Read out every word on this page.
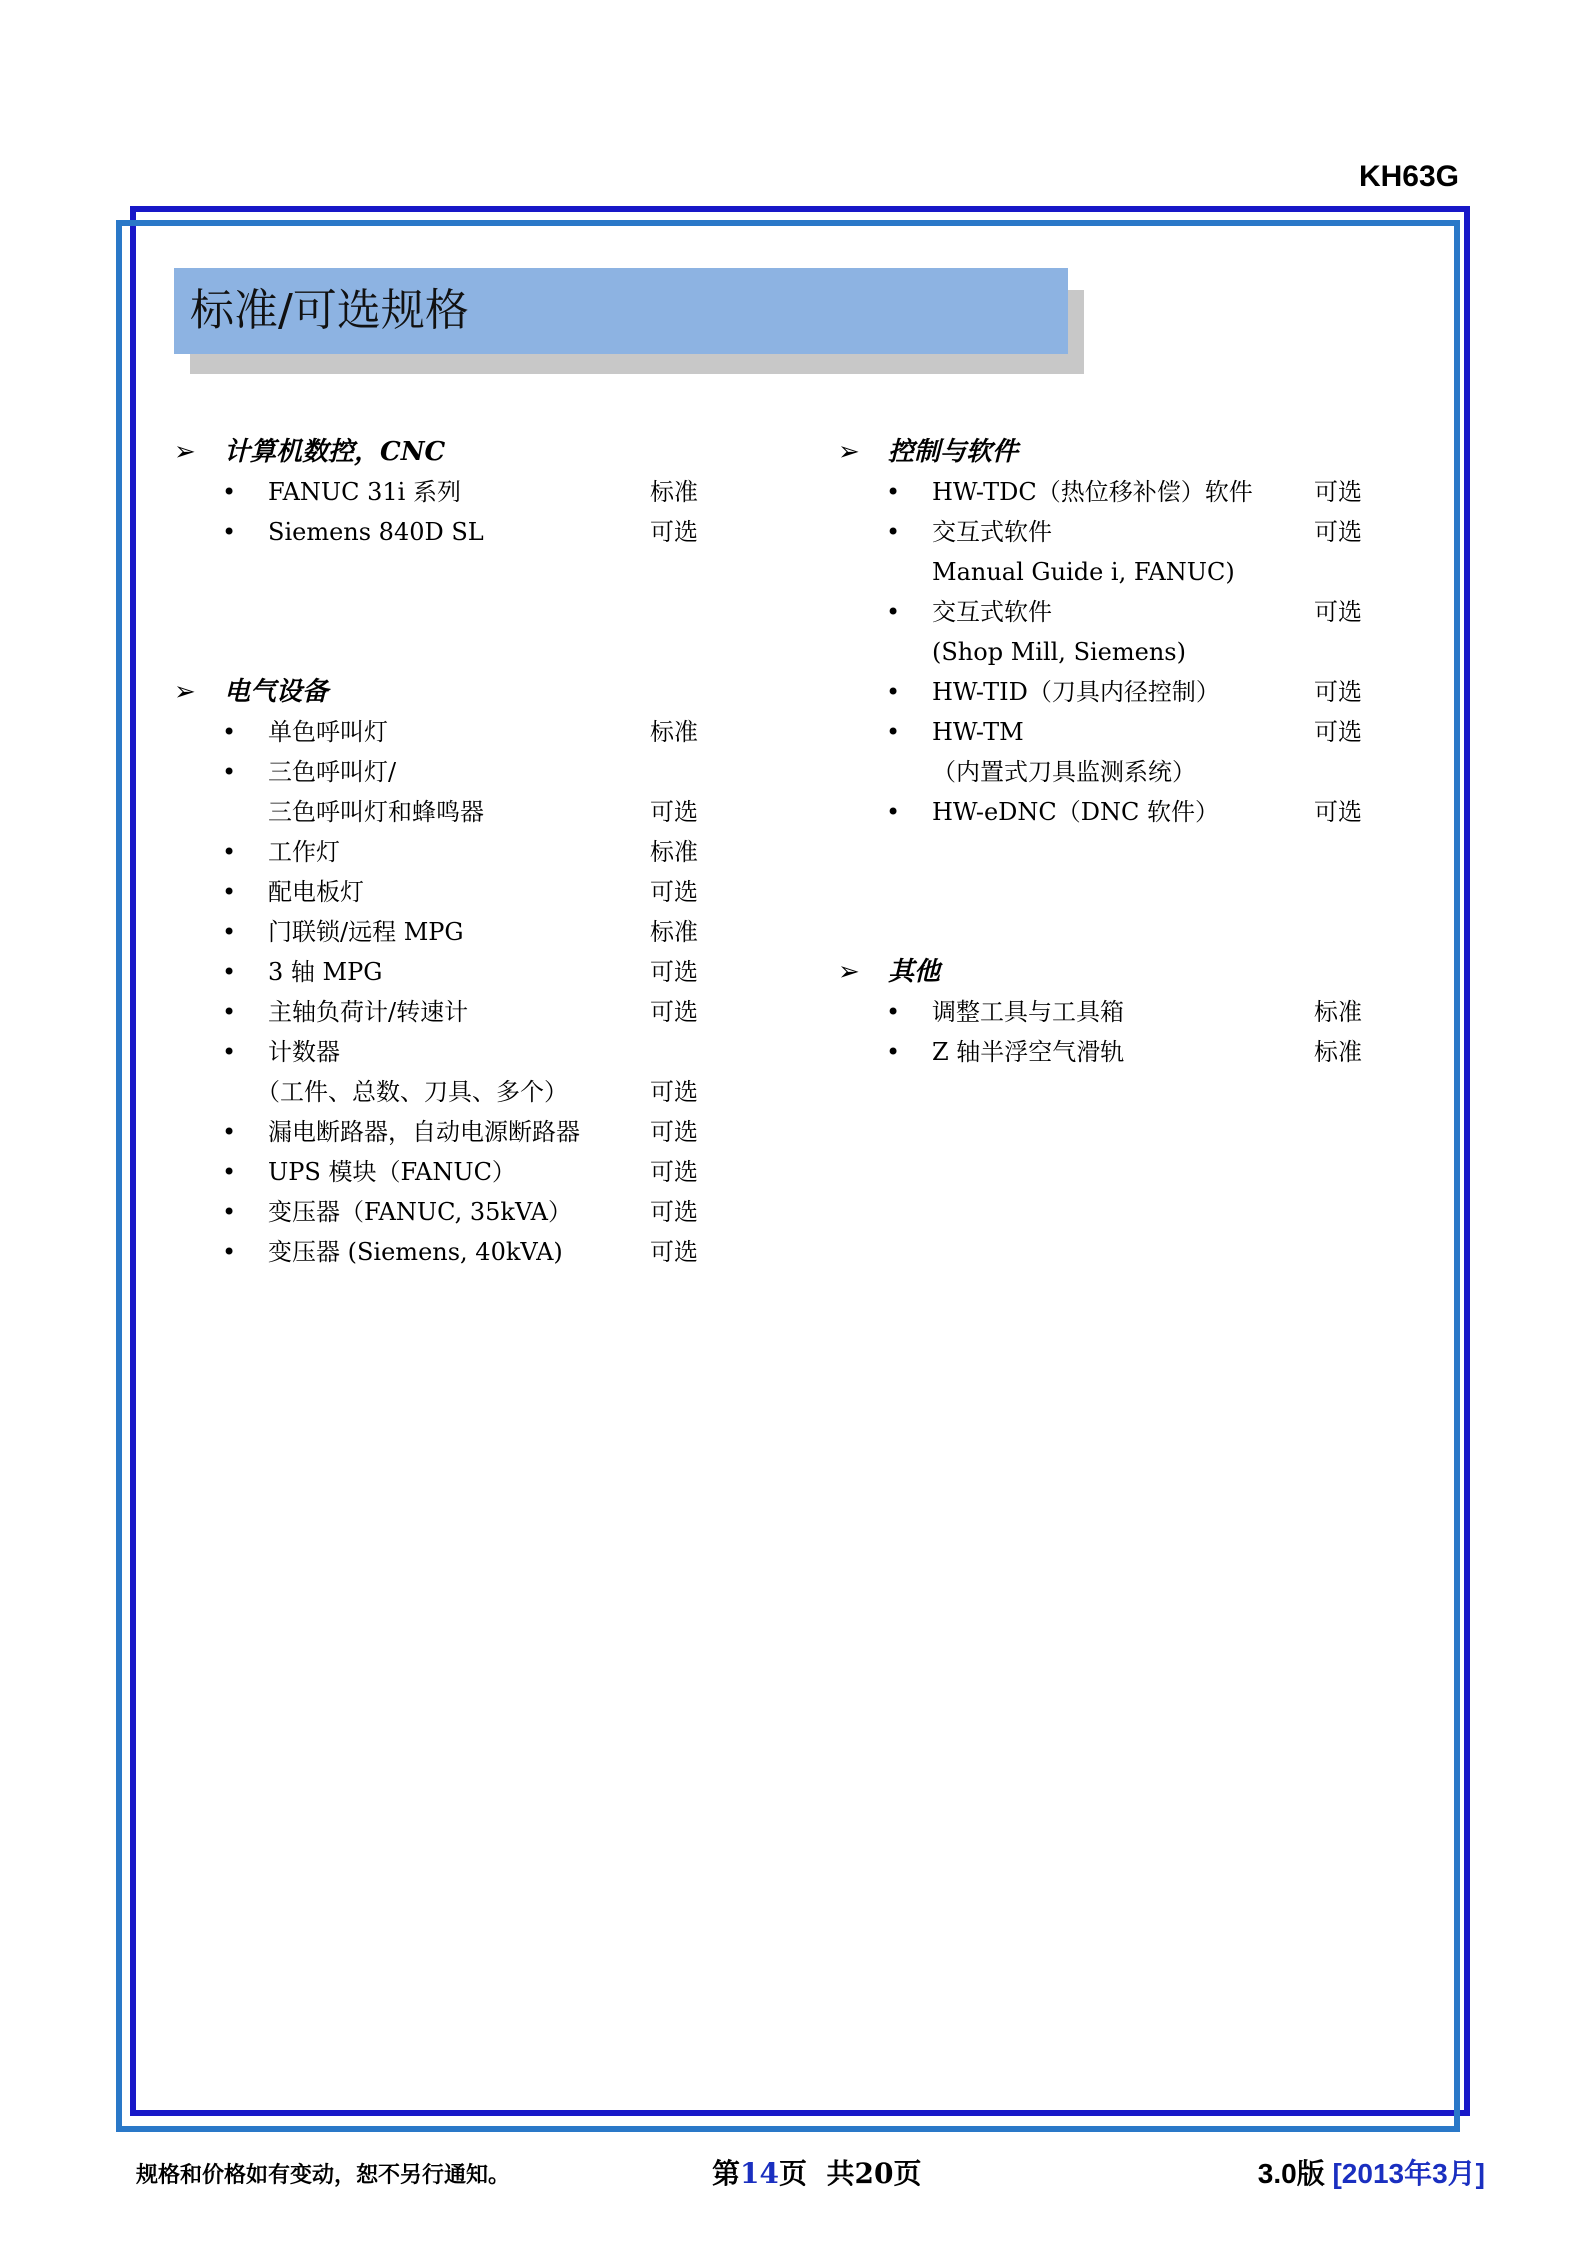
KH63G
标准/可选规格
➢ 计算机数控，CNC
•	FANUC 31i 系列	标准
•	Siemens 840D SL	可选
➢ 电气设备
•	单色呼叫灯	标准
•	三色呼叫灯/
三色呼叫灯和蜂鸣器	可选
•	工作灯	标准
•	配电板灯	可选
•	门联锁/远程 MPG	标准
•	3 轴 MPG	可选
•	主轴负荷计/转速计	可选
•	计数器
（工件、总数、刀具、多个）	可选
•	漏电断路器，自动电源断路器	可选
•	UPS 模块（FANUC）	可选
•	变压器（FANUC, 35kVA）	可选
•	变压器 (Siemens, 40kVA)	可选
➢ 控制与软件
•	HW-TDC（热位移补偿）软件	可选
•	交互式软件	可选
Manual Guide i, FANUC)
•	交互式软件	可选
(Shop Mill, Siemens)
•	HW-TID（刀具内径控制）	可选
•	HW-TM	可选
（内置式刀具监测系统）
•	HW-eDNC（DNC 软件）	可选
➢ 其他
•	调整工具与工具箱	标准
•	Z 轴半浮空气滑轨	标准
规格和价格如有变动，恕不另行通知。	第14页  共20页	3.0版 [2013年3月]
